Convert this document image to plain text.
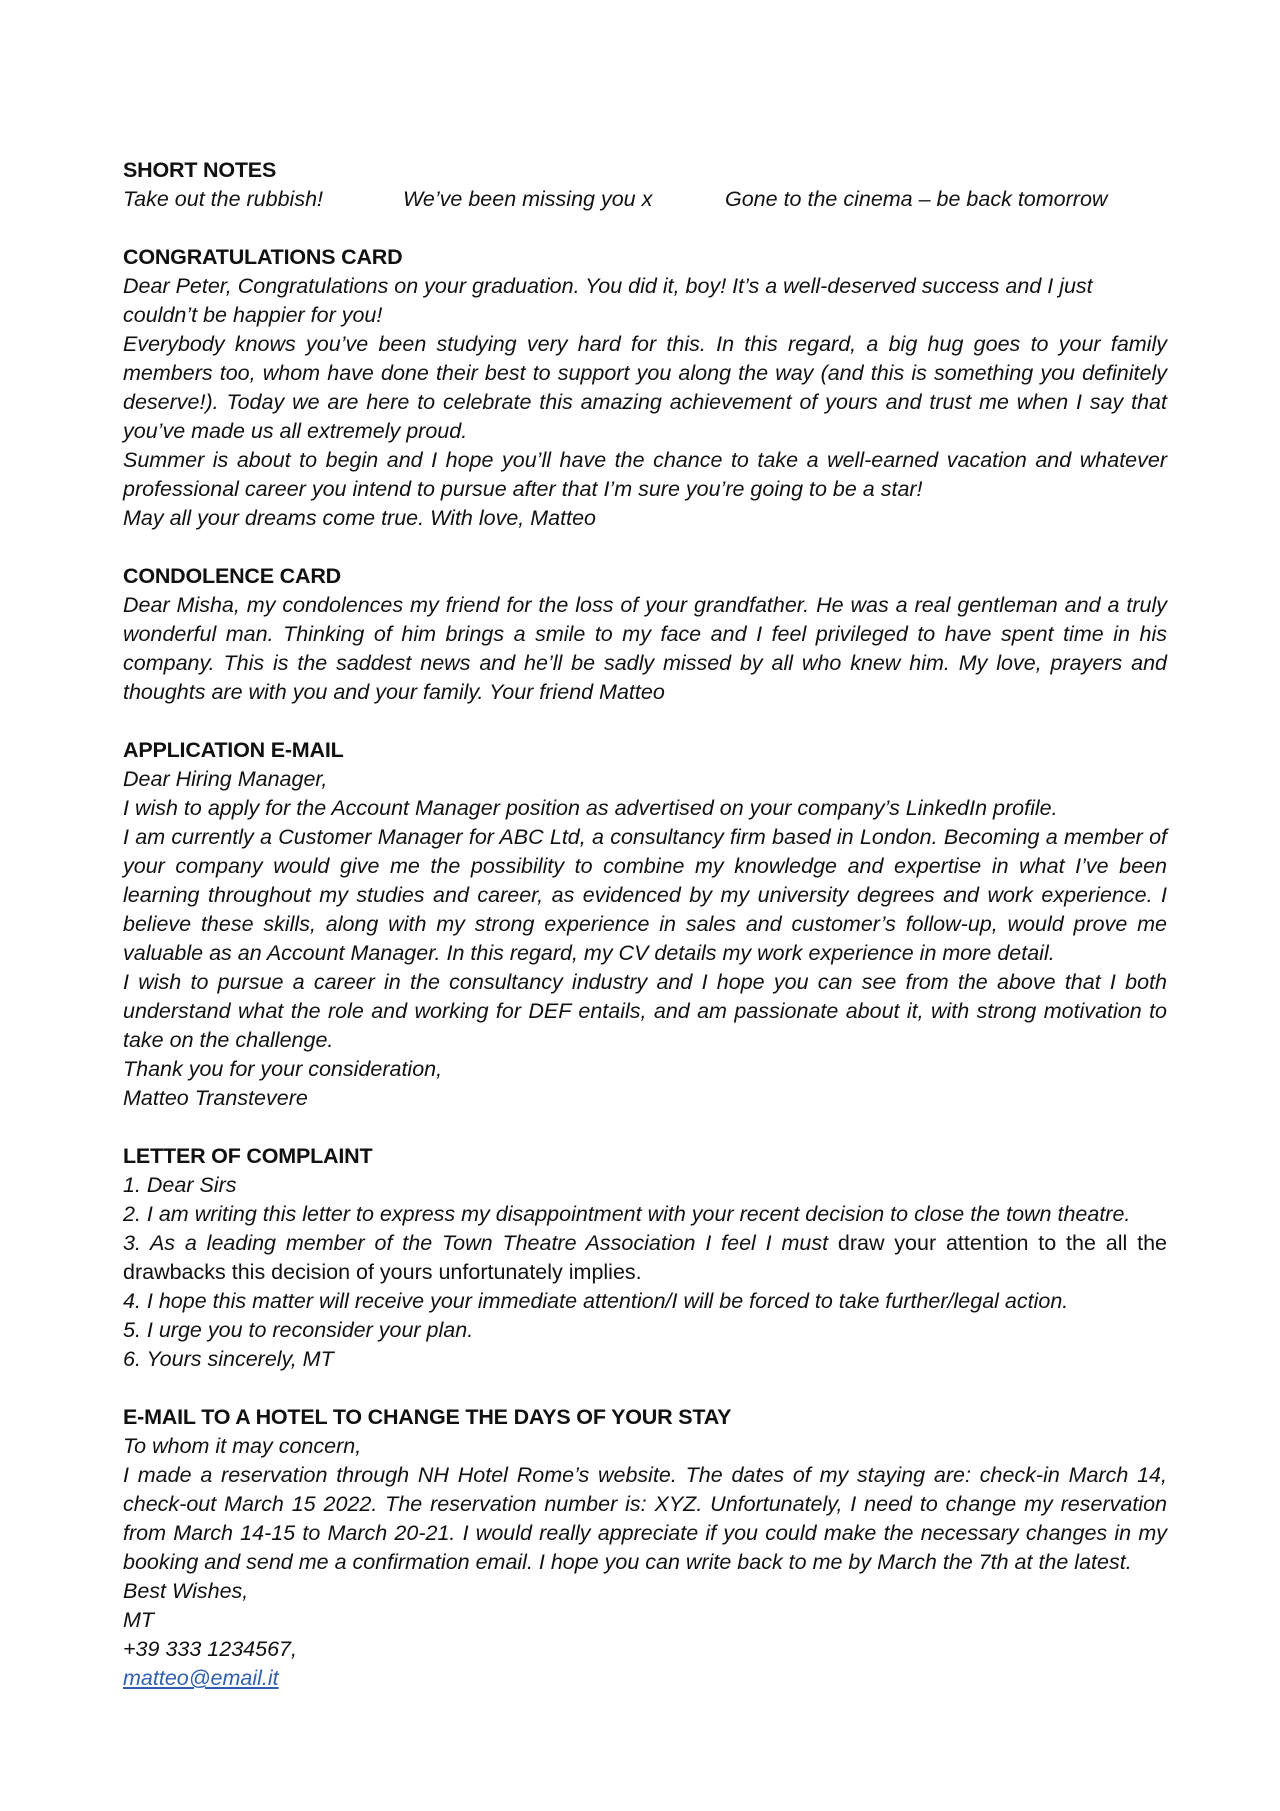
SHORT NOTES

Take out the rubbish!	We’ve been missing you x	Gone to the cinema – be back tomorrow

CONGRATULATIONS CARD

Dear Peter, Congratulations on your graduation. You did it, boy! It’s a well-deserved success and I just couldn’t be happier for you!

Everybody knows you’ve been studying very hard for this. In this regard, a big hug goes to your family members too, whom have done their best to support you along the way (and this is something you definitely deserve!). Today we are here to celebrate this amazing achievement of yours and trust me when I say that you’ve made us all extremely proud.

Summer is about to begin and I hope you’ll have the chance to take a well-earned vacation and whatever professional career you intend to pursue after that I’m sure you’re going to be a star!

May all your dreams come true. With love, Matteo

CONDOLENCE CARD

Dear Misha, my condolences my friend for the loss of your grandfather. He was a real gentleman and a truly wonderful man. Thinking of him brings a smile to my face and I feel privileged to have spent time in his company. This is the saddest news and he’ll be sadly missed by all who knew him. My love, prayers and thoughts are with you and your family. Your friend Matteo

APPLICATION E-MAIL

Dear Hiring Manager,

I wish to apply for the Account Manager position as advertised on your company’s LinkedIn profile.

I am currently a Customer Manager for ABC Ltd, a consultancy firm based in London. Becoming a member of your company would give me the possibility to combine my knowledge and expertise in what I’ve been learning throughout my studies and career, as evidenced by my university degrees and work experience. I believe these skills, along with my strong experience in sales and customer’s follow-up, would prove me valuable as an Account Manager. In this regard, my CV details my work experience in more detail.

I wish to pursue a career in the consultancy industry and I hope you can see from the above that I both understand what the role and working for DEF entails, and am passionate about it, with strong motivation to take on the challenge.

Thank you for your consideration,

Matteo Transtevere

LETTER OF COMPLAINT

1. Dear Sirs

2. I am writing this letter to express my disappointment with your recent decision to close the town theatre.

3. As a leading member of the Town Theatre Association I feel I must draw your attention to the all the drawbacks this decision of yours unfortunately implies.

4. I hope this matter will receive your immediate attention/I will be forced to take further/legal action.

5. I urge you to reconsider your plan.

6. Yours sincerely, MT

E-MAIL TO A HOTEL TO CHANGE THE DAYS OF YOUR STAY

To whom it may concern,

I made a reservation through NH Hotel Rome’s website. The dates of my staying are: check-in March 14, check-out March 15 2022. The reservation number is: XYZ. Unfortunately, I need to change my reservation from March 14-15 to March 20-21. I would really appreciate if you could make the necessary changes in my booking and send me a confirmation email. I hope you can write back to me by March the 7th at the latest.

Best Wishes,

MT

+39 333 1234567,

matteo@email.it
